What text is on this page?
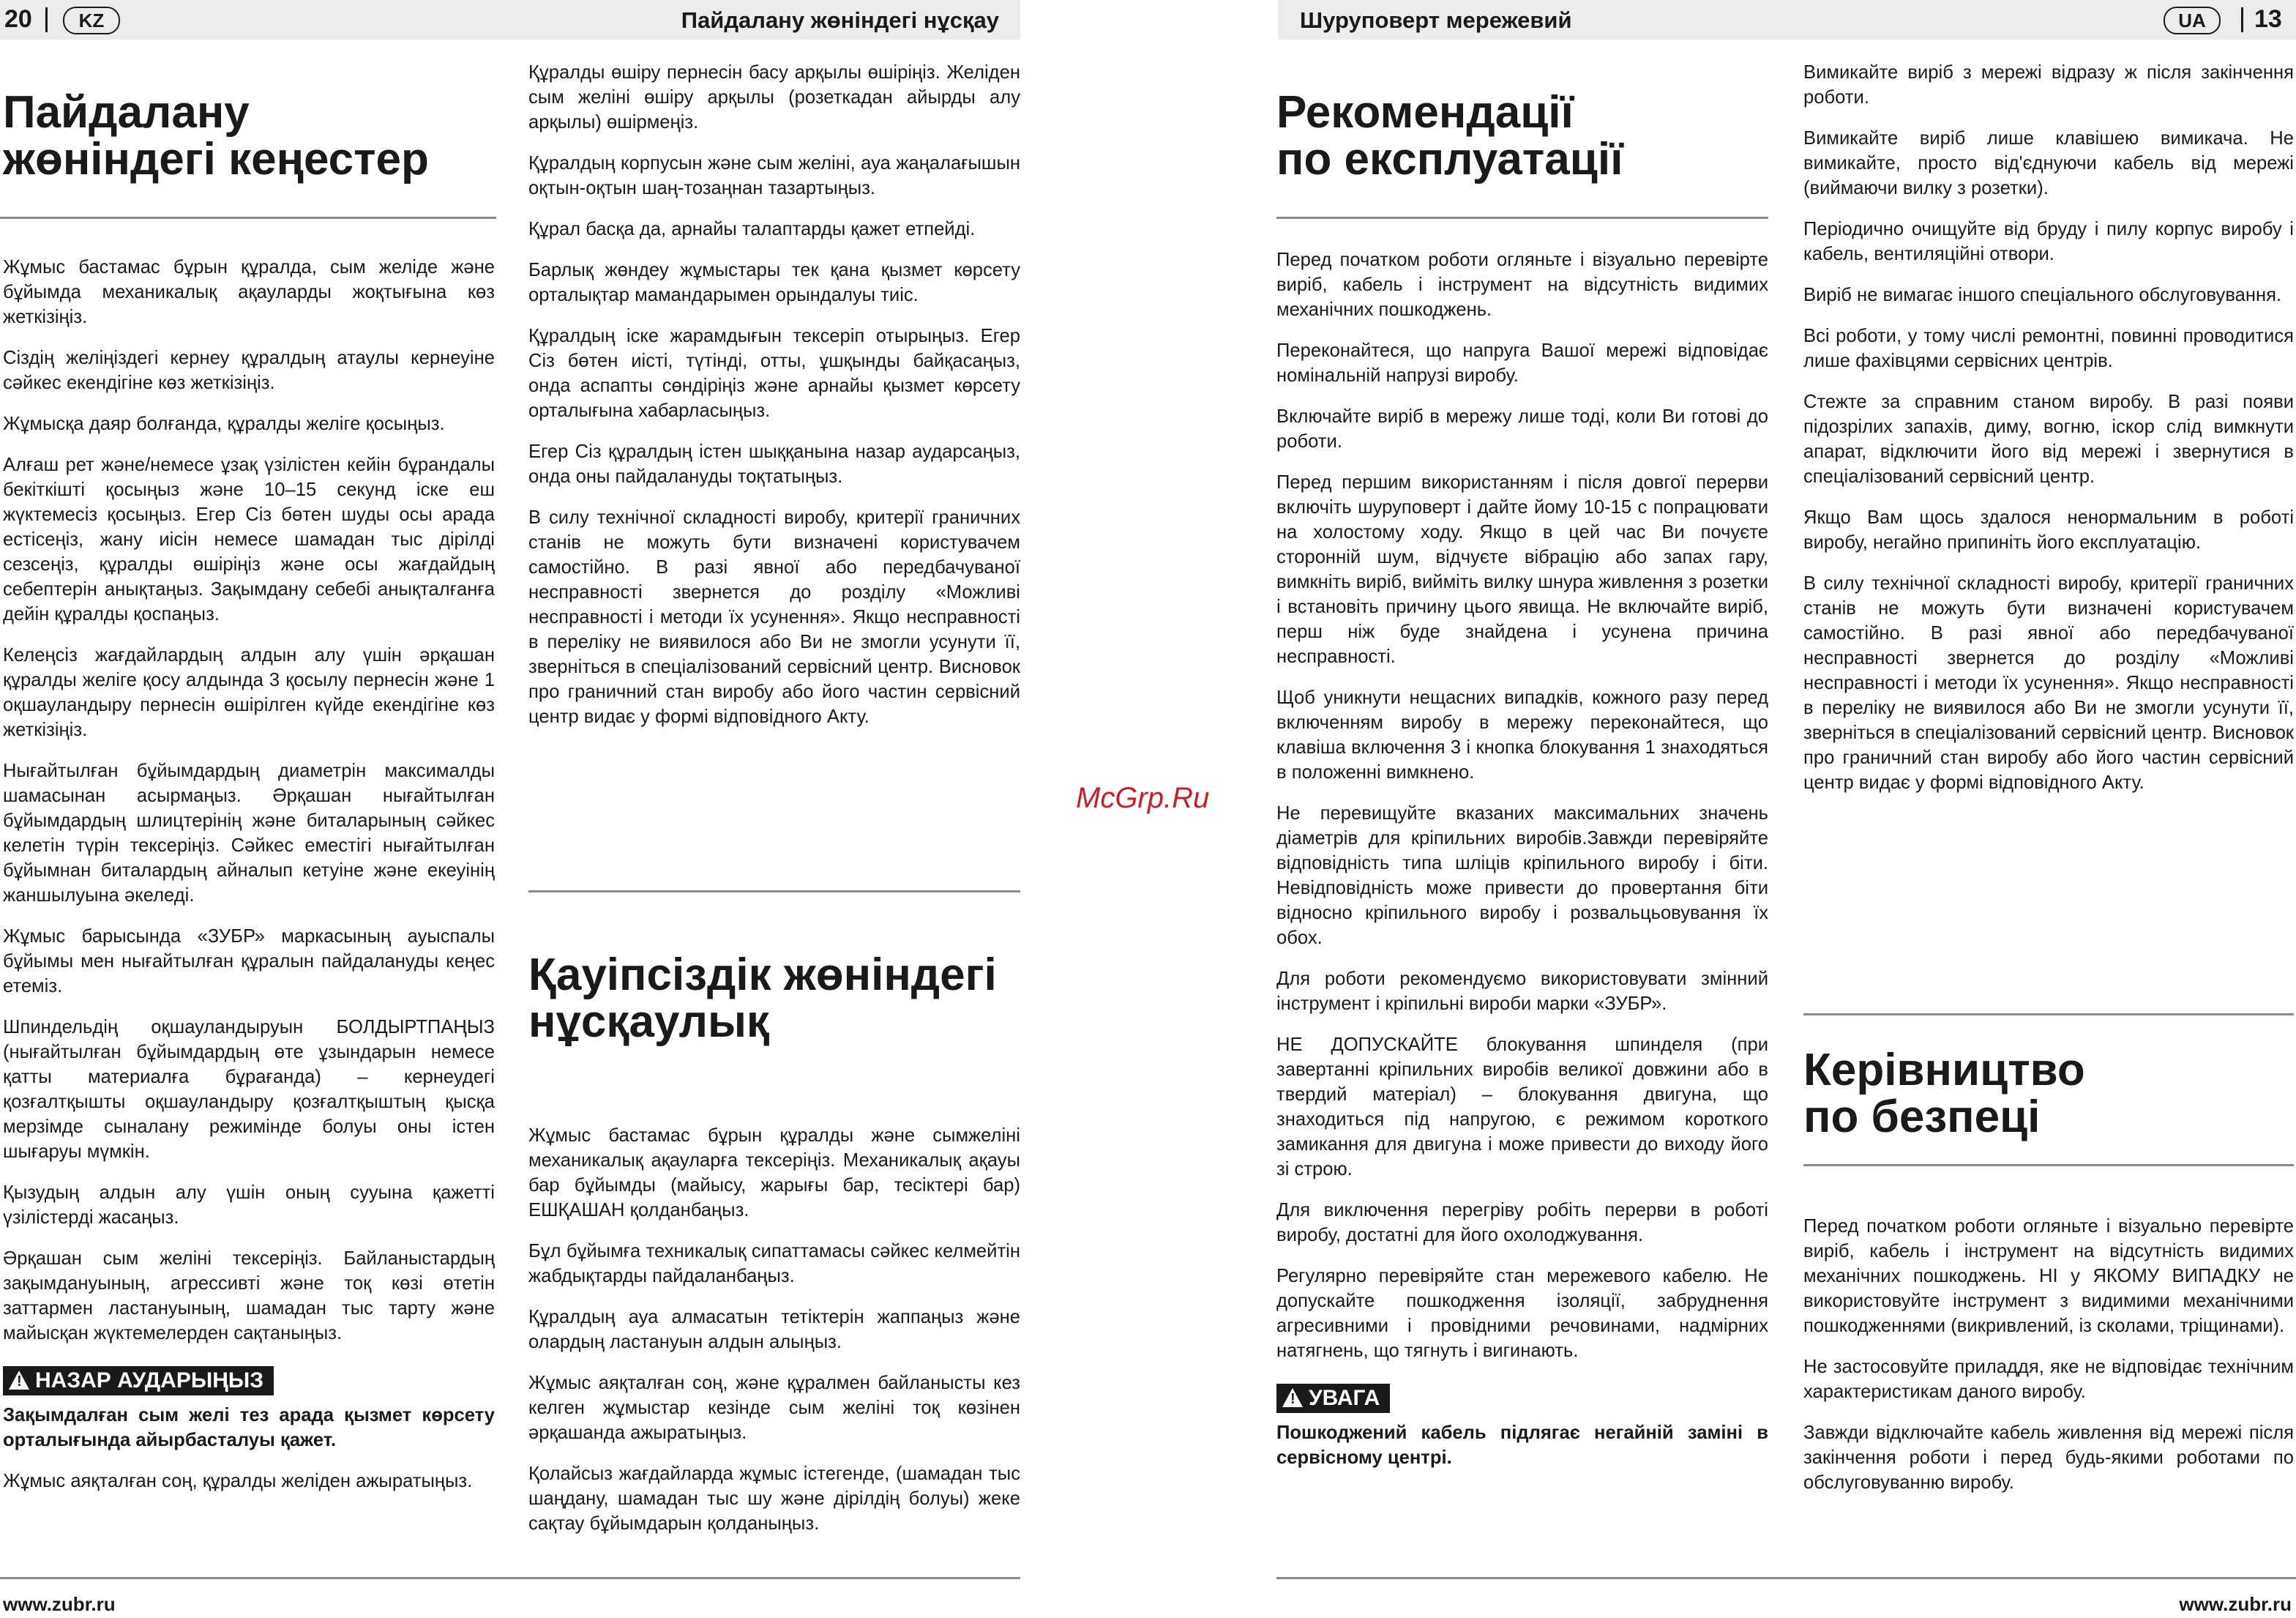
20	KZ	Пайдалану жөніндегі нұсқау	Шуруповерт мережевий	UA	13
Пайдалану
жөніндегі кеңестер

Жұмыс бастамас бұрын құралда, сым желіде және бұйымда механикалық ақауларды жоқтығына көз жеткізіңіз.

Сіздің желіңіздегі кернеу құралдың атаулы кернеуіне сәйкес екендігіне көз жеткізіңіз.

Жұмысқа даяр болғанда, құралды желіге қосыңыз.

Алғаш рет және/немесе ұзақ үзілістен кейін бұрандалы бекіткішті қосыңыз және 10–15 секунд іске еш жүктемесіз қосыңыз. Егер Сіз бөтен шуды осы арада естісеңіз, жану иісін немесе шамадан тыс дірілді сезсеңіз, құралды өшіріңіз және осы жағдайдың себептерін анықтаңыз. Зақымдану себебі анықталғанға дейін құралды қоспаңыз.

Келеңсіз жағдайлардың алдын алу үшін әрқашан құралды желіге қосу алдында 3 қосылу пернесін және 1 оқшауландыру пернесін өшірілген күйде екендігіне көз жеткізіңіз.

Нығайтылған бұйымдардың диаметрін максималды шамасынан асырмаңыз. Әрқашан нығайтылған бұйымдардың шлицтерінің және биталарының сәйкес келетін түрін тексеріңіз. Сәйкес еместігі нығайтылған бұйымнан биталардың айналып кетуіне және екеуінің жаншылуына әкеледі.

Жұмыс барысында «ЗУБР» маркасының ауыспалы бұйымы мен нығайтылған құралын пайдалануды кеңес етеміз.

Шпиндельдің оқшауландыруын БОЛДЫРТПАҢЫЗ (нығайтылған бұйымдардың өте ұзындарын немесе қатты материалға бұрағанда) – кернеудегі қозғалтқышты оқшауландыру қозғалтқыштың қысқа мерзімде сыналану режимінде болуы оны істен шығаруы мүмкін.

Қызудың алдын алу үшін оның сууына қажетті үзілістерді жасаңыз.

Әрқашан сым желіні тексеріңіз. Байланыстардың зақымдануының, агрессивті және тоқ көзі өтетін заттармен ластануының, шамадан тыс тарту және майысқан жүктемелерден сақтаныңыз.

! НАЗАР АУДАРЫҢЫЗ

Зақымдалған сым желі тез арада қызмет көрсету орталығында айырбасталуы қажет.

Жұмыс аяқталған соң, құралды желіден ажыратыңыз.

Құралды өшіру пернесін басу арқылы өшіріңіз. Желіден сым желіні өшіру арқылы (розеткадан айырды алу арқылы) өшірмеңіз.

Құралдың корпусын және сым желіні, ауа жаңалағышын оқтын-оқтын шаң-тозаңнан тазартыңыз.

Құрал басқа да, арнайы талаптарды қажет етпейді.

Барлық жөндеу жұмыстары тек қана қызмет көрсету орталықтар мамандарымен орындалуы тиіс.

Құралдың іске жарамдығын тексеріп отырыңыз. Егер Сіз бөтен иісті, түтінді, отты, ұшқынды байқасаңыз, онда аспапты сөндіріңіз және арнайы қызмет көрсету орталығына хабарласыңыз.

Егер Сіз құралдың істен шыққанына назар аударсаңыз, онда оны пайдалануды тоқтатыңыз.

В силу технічної складності виробу, критерії граничних станів не можуть бути визначені користувачем самостійно. В разі явної або передбачуваної несправності звернется до розділу «Можливі несправності і методи їх усунення». Якщо несправності в переліку не виявилося або Ви не змогли усунути її, зверніться в спеціалізований сервісний центр. Висновок про граничний стан виробу або його частин сервісний центр видає у формі відповідного Акту.

Қауіпсіздік жөніндегі
нұсқаулық

Жұмыс бастамас бұрын құралды және сымжеліні механикалық ақауларға тексеріңіз. Механикалық ақауы бар бұйымды (майысу, жарығы бар, тесіктері бар) ЕШҚАШАН қолданбаңыз.

Бұл бұйымға техникалық сипаттамасы сәйкес келмейтін жабдықтарды пайдаланбаңыз.

Құралдың ауа алмасатын тетіктерін жаппаңыз және олардың ластануын алдын алыңыз.

Жұмыс аяқталған соң, және құралмен байланысты кез келген жұмыстар кезінде сым желіні тоқ көзінен әрқашанда ажыратыңыз.

Қолайсыз жағдайларда жұмыс істегенде, (шамадан тыс шаңдану, шамадан тыс шу және дірілдің болуы) жеке сақтау бұйымдарын қолданыңыз.

www.zubr.ru
McGrp.Ru
Рекомендації
по експлуатації

Перед початком роботи огляньте і візуально перевірте виріб, кабель і інструмент на відсутність видимих механічних пошкоджень.

Переконайтеся, що напруга Вашої мережі відповідає номінальній напрузі виробу.

Включайте виріб в мережу лише тоді, коли Ви готові до роботи.

Перед першим використанням і після довгої перерви включіть шуруповерт і дайте йому 10-15 с попрацювати на холостому ходу. Якщо в цей час Ви почуєте сторонній шум, відчуєте вібрацію або запах гару, вимкніть виріб, вийміть вилку шнура живлення з розетки і встановіть причину цього явища. Не включайте виріб, перш ніж буде знайдена і усунена причина несправності.

Щоб уникнути нещасних випадків, кожного разу перед включенням виробу в мережу переконайтеся, що клавіша включення 3 і кнопка блокування 1 знаходяться в положенні вимкнено.

Не перевищуйте вказаних максимальних значень діаметрів для кріпильних виробів.Завжди перевіряйте відповідність типа шліців кріпильного виробу і біти. Невідповідність може привести до провертання біти відносно кріпильного виробу і розвальцьовування їх обох.

Для роботи рекомендуємо використовувати змінний інструмент і кріпильні вироби марки «ЗУБР».

НЕ ДОПУСКАЙТЕ блокування шпинделя (при завертанні кріпильних виробів великої довжини або в твердий матеріал) – блокування двигуна, що знаходиться під напругою, є режимом короткого замикання для двигуна і може привести до виходу його зі строю.

Для виключення перегріву робіть перерви в роботі виробу, достатні для його охолоджування.

Регулярно перевіряйте стан мережевого кабелю. Не допускайте пошкодження ізоляції, забруднення агресивними і провідними речовинами, надмірних натягнень, що тягнуть і вигинають.

! УВАГА

Пошкоджений кабель підлягає негайній заміні в сервісному центрі.

Вимикайте виріб з мережі відразу ж після закінчення роботи.

Вимикайте виріб лише клавішею вимикача. Не вимикайте, просто від'єднуючи кабель від мережі (виймаючи вилку з розетки).

Періодично очищуйте від бруду і пилу корпус виробу і кабель, вентиляційні отвори.

Виріб не вимагає іншого спеціального обслуговування.

Всі роботи, у тому числі ремонтні, повинні проводитися лише фахівцями сервісних центрів.

Стежте за справним станом виробу. В разі появи підозрілих запахів, диму, вогню, іскор слід вимкнути апарат, відключити його від мережі і звернутися в спеціалізований сервісний центр.

Якщо Вам щось здалося ненормальним в роботі виробу, негайно припиніть його експлуатацію.

В силу технічної складності виробу, критерії граничних станів не можуть бути визначені користувачем самостійно. В разі явної або передбачуваної несправності звернется до розділу «Можливі несправності і методи їх усунення». Якщо несправності в переліку не виявилося або Ви не змогли усунути її, зверніться в спеціалізований сервісний центр. Висновок про граничний стан виробу або його частин сервісний центр видає у формі відповідного Акту.

Керівництво
по безпеці

Перед початком роботи огляньте і візуально перевірте виріб, кабель і інструмент на відсутність видимих механічних пошкоджень. НІ у ЯКОМУ ВИПАДКУ не використовуйте інструмент з видимими механічними пошкодженнями (викривлений, із сколами, тріщинами).

Не застосовуйте приладдя, яке не відповідає технічним характеристикам даного виробу.

Завжди відключайте кабель живлення від мережі після закінчення роботи і перед будь-якими роботами по обслуговуванню виробу.

www.zubr.ru
